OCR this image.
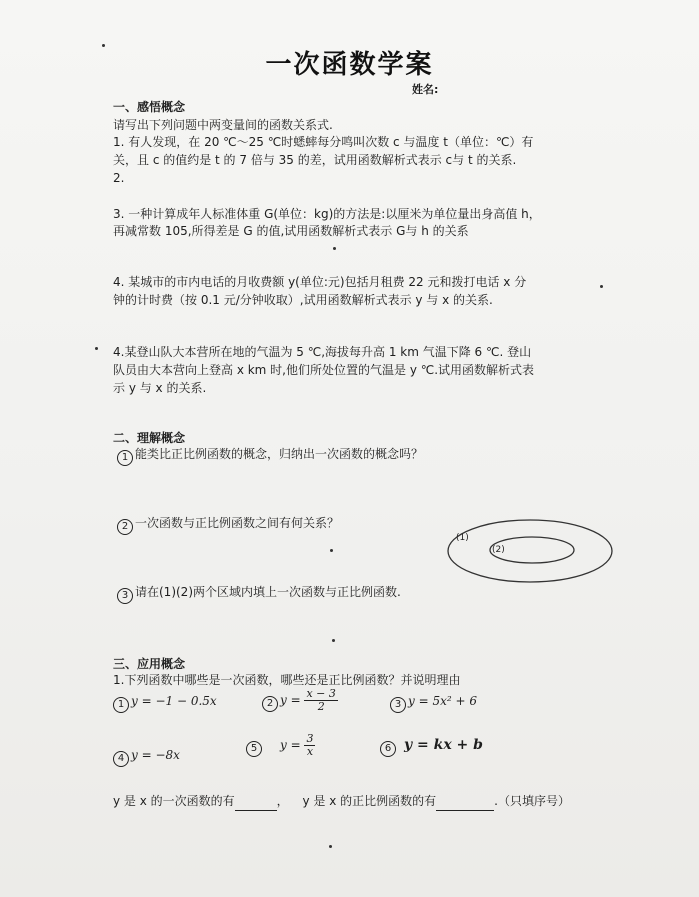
一次函数学案
姓名:
一、感悟概念
请写出下列问题中两变量间的函数关系式.
1. 有人发现，在 20 ℃～25 ℃时蟋蟀每分鸣叫次数 c 与温度 t（单位：℃）有
关，且 c 的值约是 t 的 7 倍与 35 的差，试用函数解析式表示 c与 t 的关系.
2.
3. 一种计算成年人标准体重 G(单位：kg)的方法是:以厘米为单位量出身高值 h，
再减常数 105,所得差是 G 的值,试用函数解析式表示 G与 h 的关系
4. 某城市的市内电话的月收费额 y(单位:元)包括月租费 22 元和拨打电话 x 分
钟的计时费（按 0.1 元/分钟收取）,试用函数解析式表示 y 与 x 的关系.
4.某登山队大本营所在地的气温为 5 ℃,海拔每升高 1 km 气温下降 6 ℃. 登山
队员由大本营向上登高 x km 时,他们所处位置的气温是 y ℃.试用函数解析式表
示 y 与 x 的关系.
二、理解概念
1 能类比正比例函数的概念，归纳出一次函数的概念吗？
2 一次函数与正比例函数之间有何关系？
3 请在(1)(2)两个区域内填上一次函数与正比例函数.
(1)
(2)
三、应用概念
1.下列函数中哪些是一次函数，哪些还是正比例函数？并说明理由
1 y = −1 − 0.5x	2 $y = \frac{x - 3}{2}$	3 y = 5x² + 6
4 y = −8x	5 $y = \frac{3}{x}$	6 y = kx + b
y 是 x 的一次函数的有	， y 是 x 的正比例函数的有	.（只填序号）
